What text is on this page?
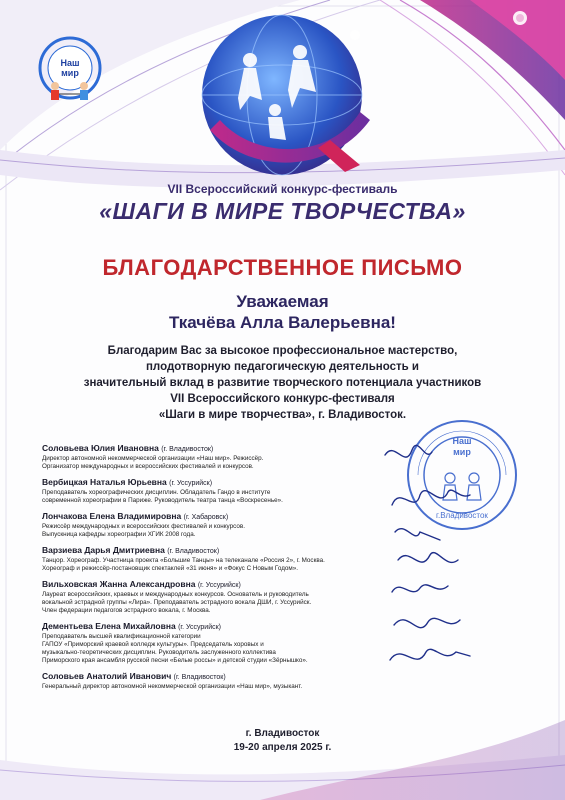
Наш
мир
Наш
мир
г.Владивосток
VII Всероссийский конкурс-фестиваль
«ШАГИ В МИРЕ ТВОРЧЕСТВА»
БЛАГОДАРСТВЕННОЕ ПИСЬМО
Уважаемая
Ткачёва Алла Валерьевна!
Благодарим Вас за высокое профессиональное мастерство,
плодотворную педагогическую деятельность и
значительный вклад в развитие творческого потенциала участников
VII Всероссийского конкурс-фестиваля
«Шаги в мире творчества», г. Владивосток.
Соловьева Юлия Ивановна (г. Владивосток)
Директор автономной некоммерческой организации «Наш мир». Режиссёр.
Организатор международных и всероссийских фестивалей и конкурсов.
Вербицкая Наталья Юрьевна (г. Уссурийск)
Преподаватель хореографических дисциплин. Обладатель Гандо в институте
современной хореографии в Париже. Руководитель театра танца «Воскресенье».
Лончакова Елена Владимировна (г. Хабаровск)
Режиссёр международных и всероссийских фестивалей и конкурсов.
Выпускница кафедры хореографии ХГИК 2008 года.
Варзиева Дарья Дмитриевна (г. Владивосток)
Танцор. Хореограф. Участница проекта «Большие Танцы» на телеканале «Россия 2», г. Москва.
Хореограф и режиссёр-постановщик спектаклей «31 июня» и «Фокус С Новым Годом».
Вильховская Жанна Александровна (г. Уссурийск)
Лауреат всероссийских, краевых и международных конкурсов. Основатель и руководитель
вокальной эстрадной группы «Лира». Преподаватель эстрадного вокала ДШИ, г. Уссурийск.
Член федерации педагогов эстрадного вокала, г. Москва.
Дементьева Елена Михайловна (г. Уссурийск)
Преподаватель высшей квалификационной категории
ГАПОУ «Приморский краевой колледж культуры». Председатель хоровых и
музыкально-теоретических дисциплин. Руководитель заслуженного коллектива
Приморского края ансамбля русской песни «Белые россы» и детской студии «Зёрнышко».
Соловьев Анатолий Иванович (г. Владивосток)
Генеральный директор автономной некоммерческой организации «Наш мир», музыкант.
г. Владивосток
19-20 апреля 2025 г.
